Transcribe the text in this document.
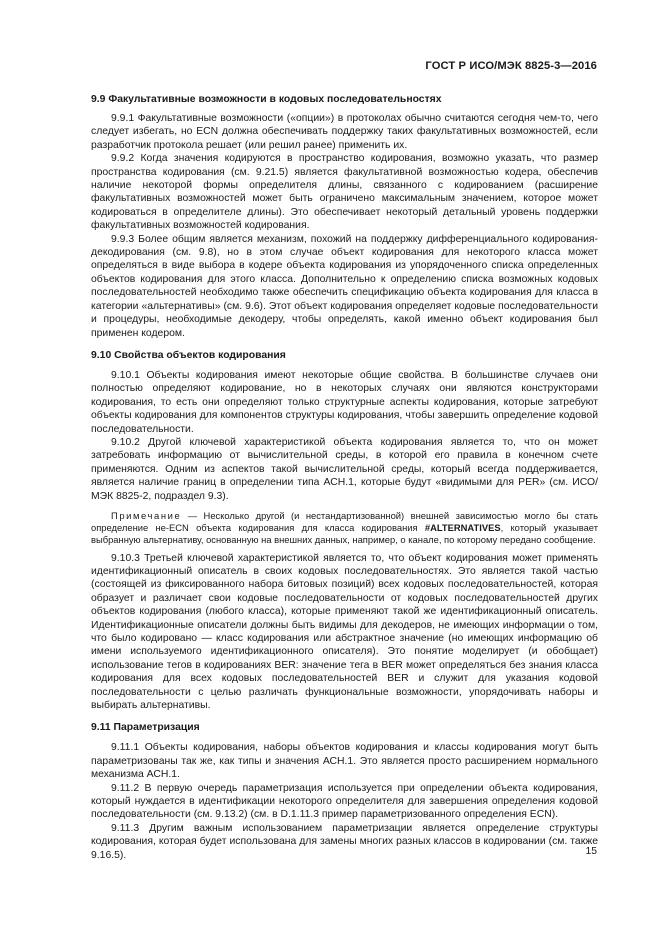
ГОСТ Р ИСО/МЭК 8825-3—2016
9.9 Факультативные возможности в кодовых последовательностях

9.9.1 Факультативные возможности («опции») в протоколах обычно считаются сегодня чем-то, чего следует избегать, но ECN должна обеспечивать поддержку таких факультативных возможностей, если разработчик протокола решает (или решил ранее) применить их.

9.9.2 Когда значения кодируются в пространство кодирования, возможно указать, что размер пространства кодирования (см. 9.21.5) является факультативной возможностью кодера, обеспечив наличие некоторой формы определителя длины, связанного с кодированием (расширение факультативных возможностей может быть ограничено максимальным значением, которое может кодироваться в определителе длины). Это обеспечивает некоторый детальный уровень поддержки факультативных возможностей кодирования.

9.9.3 Более общим является механизм, похожий на поддержку дифференциального кодирования-декодирования (см. 9.8), но в этом случае объект кодирования для некоторого класса может определяться в виде выбора в кодере объекта кодирования из упорядоченного списка определенных объектов кодирования для этого класса. Дополнительно к определению списка возможных кодовых последовательностей необходимо также обеспечить спецификацию объекта кодирования для класса в категории «альтернативы» (см. 9.6). Этот объект кодирования определяет кодовые последовательности и процедуры, необходимые декодеру, чтобы определять, какой именно объект кодирования был применен кодером.

9.10 Свойства объектов кодирования

9.10.1 Объекты кодирования имеют некоторые общие свойства. В большинстве случаев они полностью определяют кодирование, но в некоторых случаях они являются конструкторами кодирования, то есть они определяют только структурные аспекты кодирования, которые затребуют объекты кодирования для компонентов структуры кодирования, чтобы завершить определение кодовой последовательности.

9.10.2 Другой ключевой характеристикой объекта кодирования является то, что он может затребовать информацию от вычислительной среды, в которой его правила в конечном счете применяются. Одним из аспектов такой вычислительной среды, который всегда поддерживается, является наличие границ в определении типа АСН.1, которые будут «видимыми для PER» (см. ИСО/МЭК 8825-2, подраздел 9.3).

Примечание — Несколько другой (и нестандартизованной) внешней зависимостью могло бы стать определение не-ECN объекта кодирования для класса кодирования #ALTERNATIVES, который указывает выбранную альтернативу, основанную на внешних данных, например, о канале, по которому передано сообщение.

9.10.3 Третьей ключевой характеристикой является то, что объект кодирования может применять идентификационный описатель в своих кодовых последовательностях. Это является такой частью (состоящей из фиксированного набора битовых позиций) всех кодовых последовательностей, которая образует и различает свои кодовые последовательности от кодовых последовательностей других объектов кодирования (любого класса), которые применяют такой же идентификационный описатель. Идентификационные описатели должны быть видимы для декодеров, не имеющих информации о том, что было кодировано — класс кодирования или абстрактное значение (но имеющих информацию об имени используемого идентификационного описателя). Это понятие моделирует (и обобщает) использование тегов в кодированиях BER: значение тега в BER может определяться без знания класса кодирования для всех кодовых последовательностей BER и служит для указания кодовой последовательности с целью различать функциональные возможности, упорядочивать наборы и выбирать альтернативы.

9.11 Параметризация

9.11.1 Объекты кодирования, наборы объектов кодирования и классы кодирования могут быть параметризованы так же, как типы и значения АСН.1. Это является просто расширением нормального механизма АСН.1.

9.11.2 В первую очередь параметризация используется при определении объекта кодирования, который нуждается в идентификации некоторого определителя для завершения определения кодовой последовательности (см. 9.13.2) (см. в D.1.11.3 пример параметризованного определения ECN).

9.11.3 Другим важным использованием параметризации является определение структуры кодирования, которая будет использована для замены многих разных классов в кодировании (см. также 9.16.5).	15
